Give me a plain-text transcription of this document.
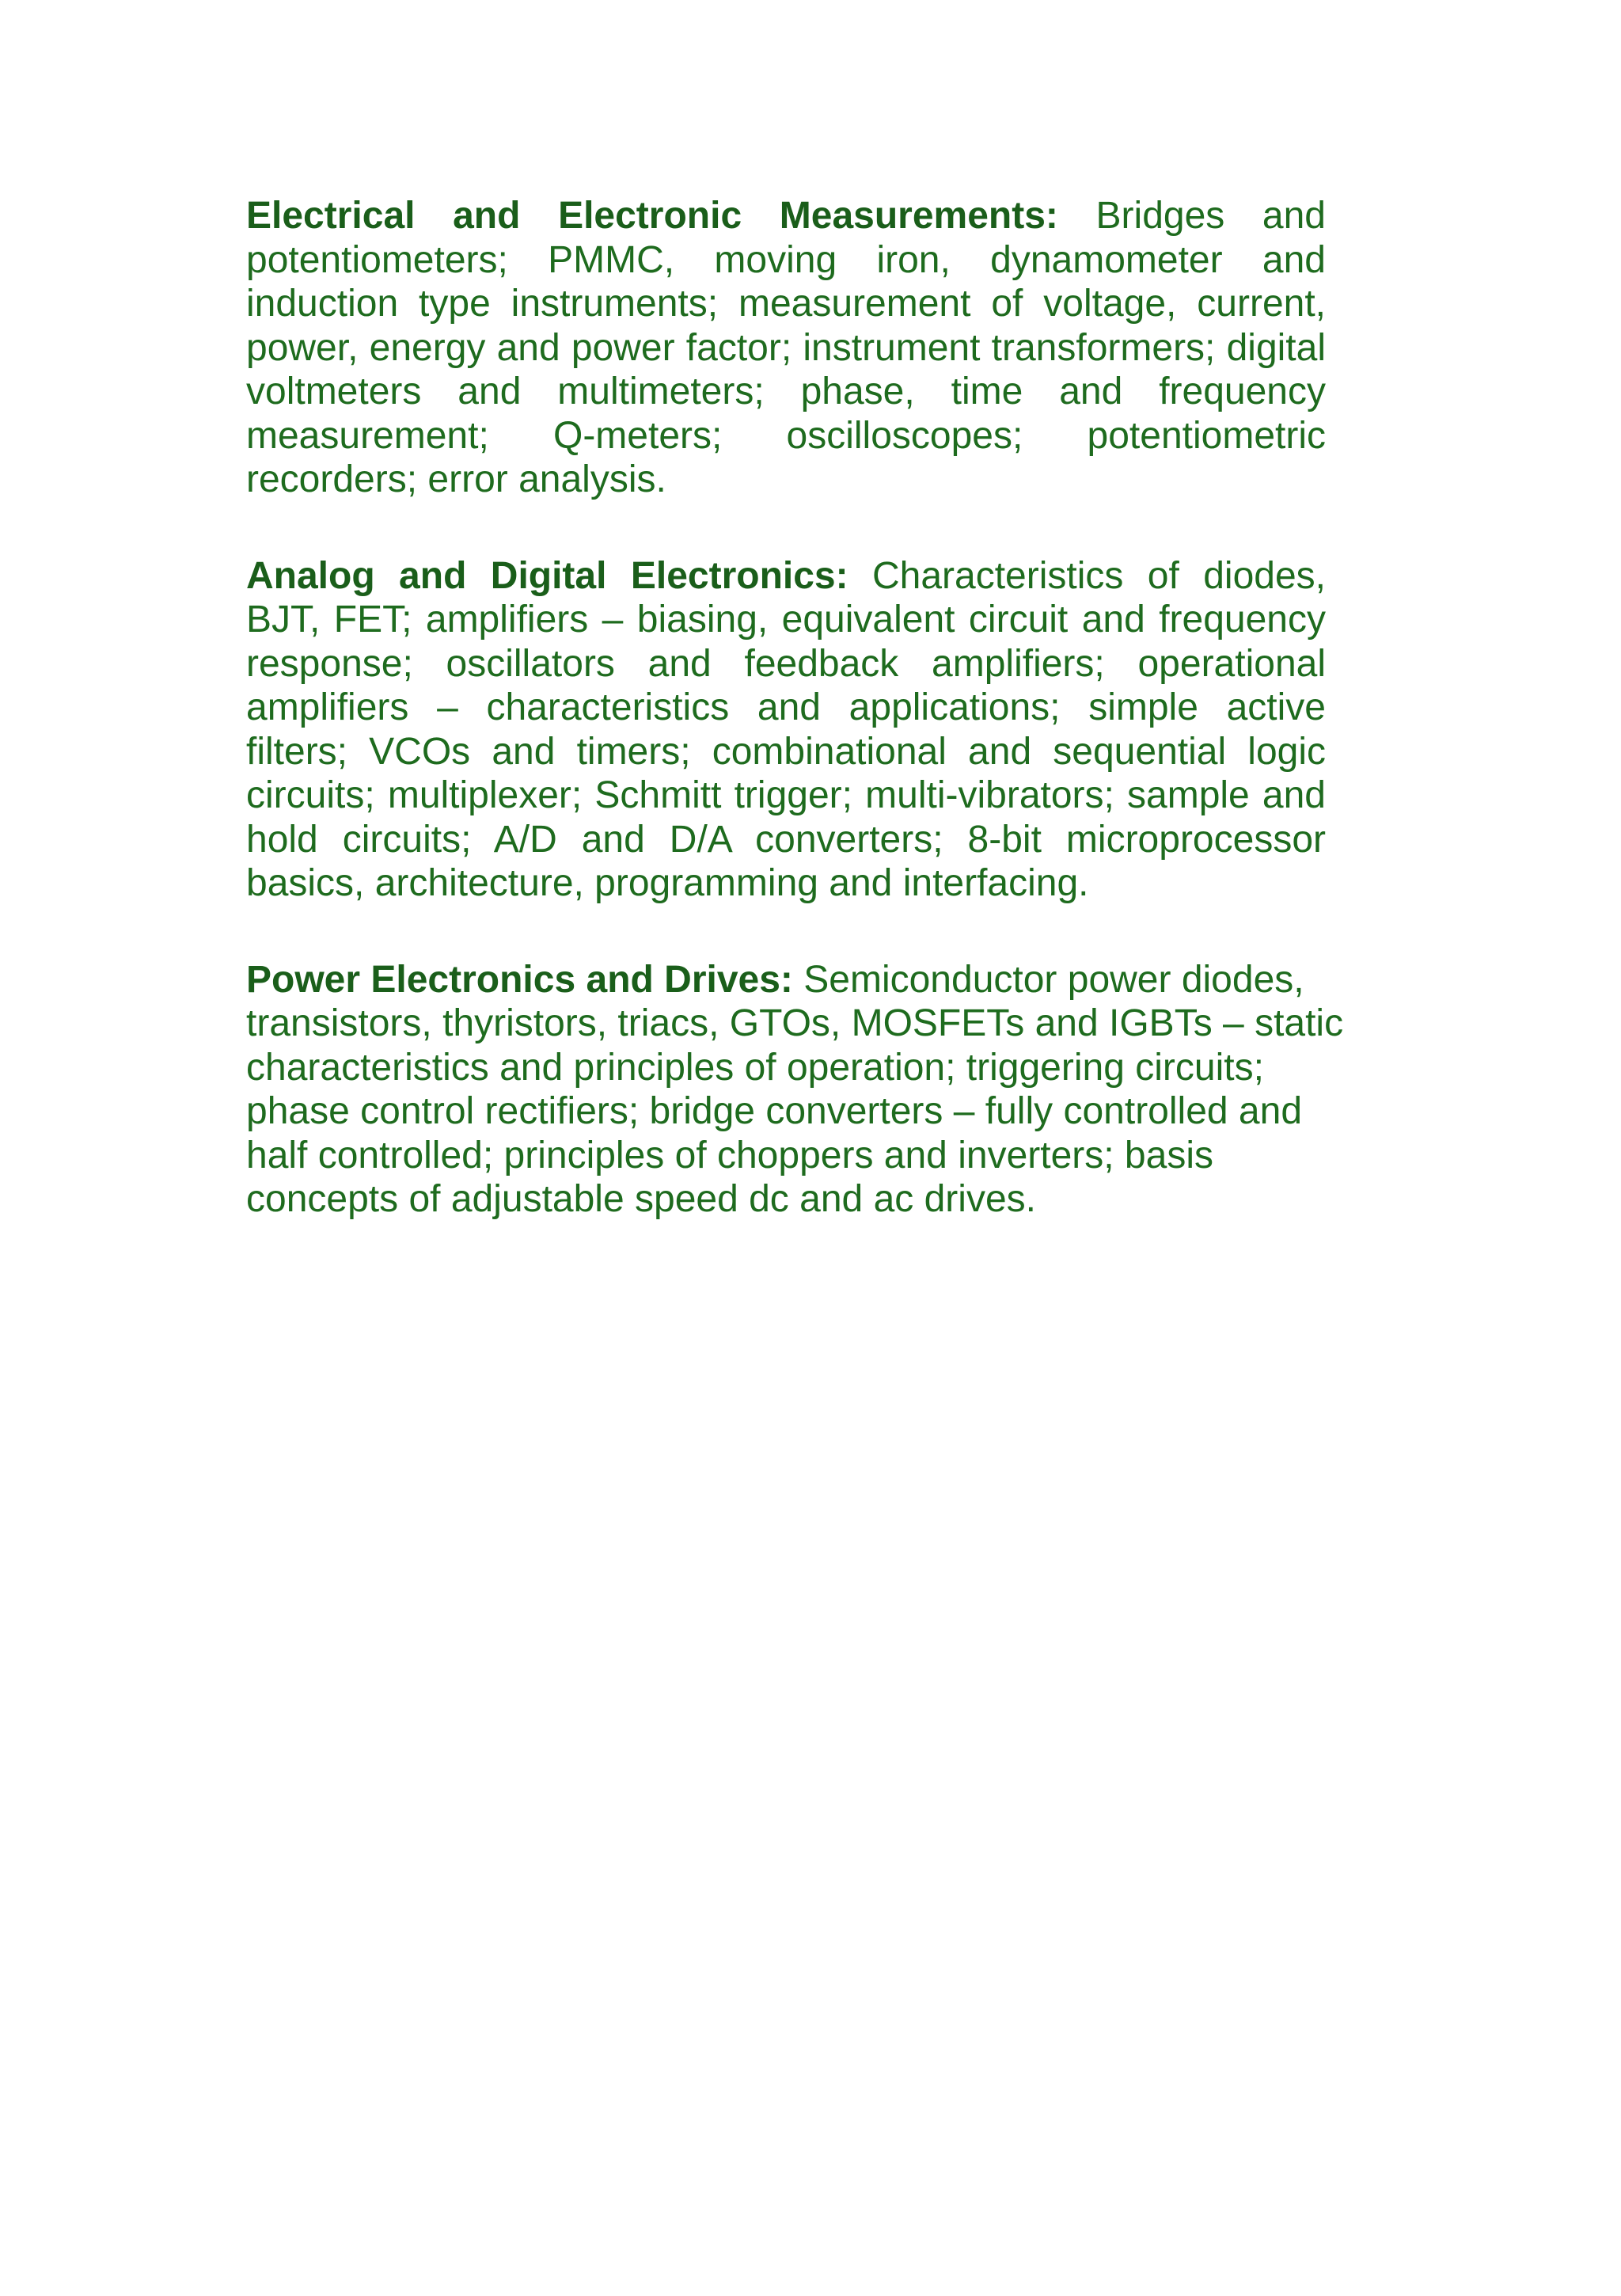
Electrical and Electronic Measurements: Bridges and potentiometers; PMMC, moving iron, dynamometer and induction type instruments; measurement of voltage, current, power, energy and power factor; instrument transformers; digital voltmeters and multimeters; phase, time and frequency measurement; Q-meters; oscilloscopes; potentiometric recorders; error analysis.

Analog and Digital Electronics: Characteristics of diodes, BJT, FET; amplifiers – biasing, equivalent circuit and frequency response; oscillators and feedback amplifiers; operational amplifiers – characteristics and applications; simple active filters; VCOs and timers; combinational and sequential logic circuits; multiplexer; Schmitt trigger; multi-vibrators; sample and hold circuits; A/D and D/A converters; 8-bit microprocessor basics, architecture, programming and interfacing.

Power Electronics and Drives: Semiconductor power diodes, transistors, thyristors, triacs, GTOs, MOSFETs and IGBTs – static characteristics and principles of operation; triggering circuits; phase control rectifiers; bridge converters – fully controlled and half controlled; principles of choppers and inverters; basis concepts of adjustable speed dc and ac drives.
